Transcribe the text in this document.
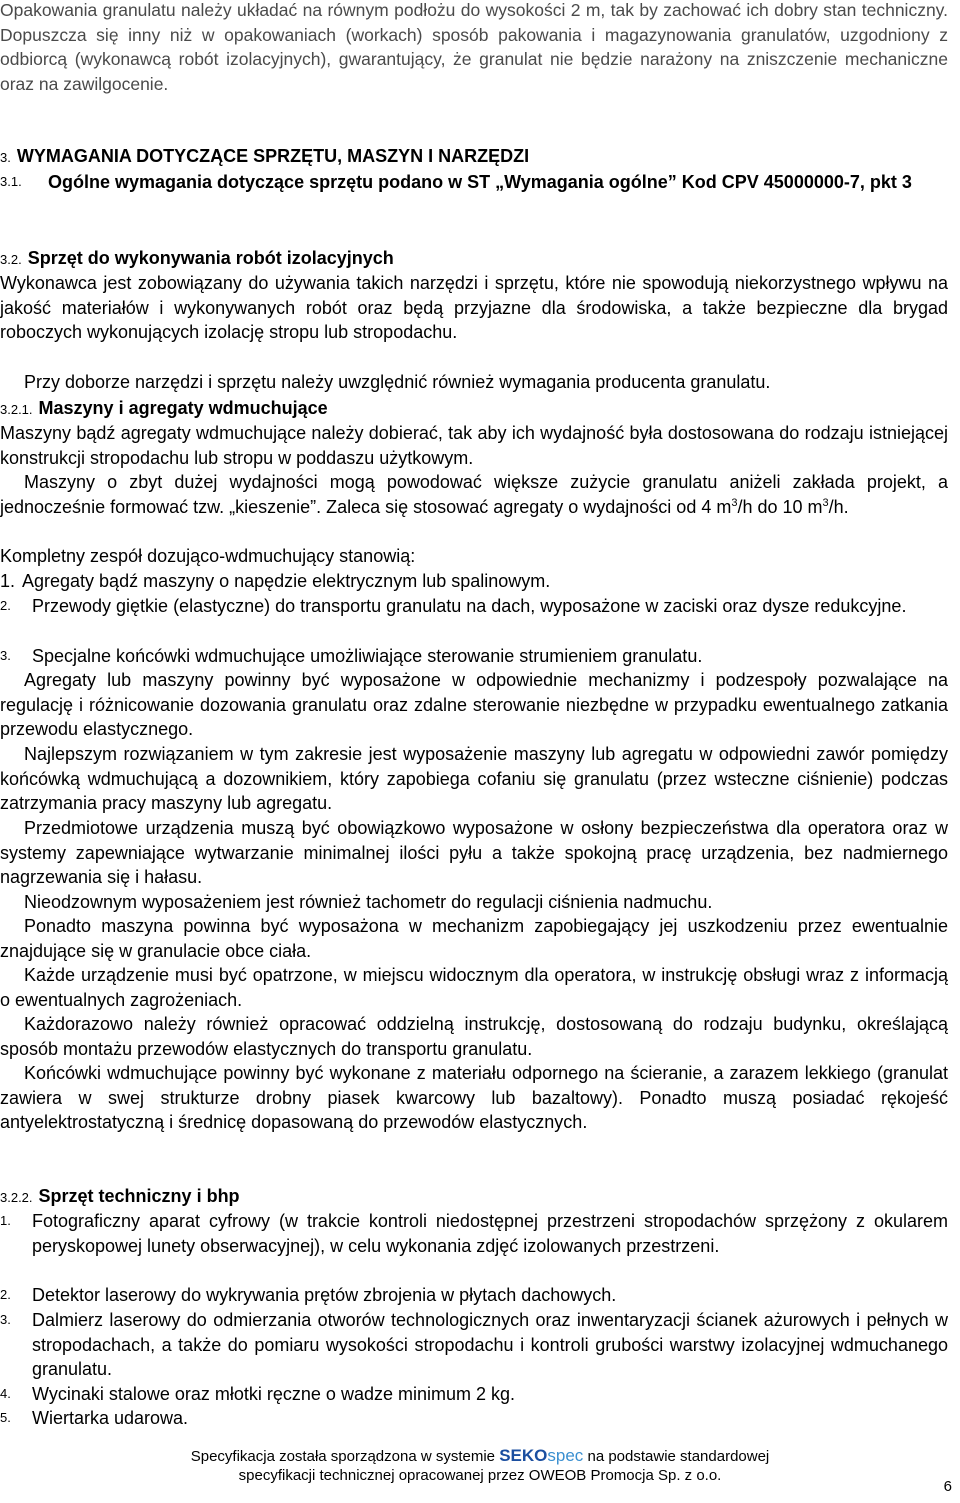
Opakowania granulatu należy układać na równym podłożu do wysokości 2 m, tak by zachować ich dobry stan techniczny. Dopuszcza się inny niż w opakowaniach (workach) sposób pakowania i magazynowania granulatów, uzgodniony z odbiorcą (wykonawcą robót izolacyjnych), gwarantujący, że granulat nie będzie narażony na zniszczenie mechaniczne oraz na zawilgocenie.

3. WYMAGANIA DOTYCZĄCE SPRZĘTU, MASZYN I NARZĘDZI
3.1. Ogólne wymagania dotyczące sprzętu podano w ST „Wymagania ogólne” Kod CPV 45000000-7, pkt 3
3.2. Sprzęt do wykonywania robót izolacyjnych

Wykonawca jest zobowiązany do używania takich narzędzi i sprzętu, które nie spowodują niekorzystnego wpływu na jakość materiałów i wykonywanych robót oraz będą przyjazne dla środowiska, a także bezpieczne dla brygad roboczych wykonujących izolację stropu lub stropodachu.

Przy doborze narzędzi i sprzętu należy uwzględnić również wymagania producenta granulatu.

3.2.1. Maszyny i agregaty wdmuchujące

Maszyny bądź agregaty wdmuchujące należy dobierać, tak aby ich wydajność była dostosowana do rodzaju istniejącej konstrukcji stropodachu lub stropu w poddaszu użytkowym.

Maszyny o zbyt dużej wydajności mogą powodować większe zużycie granulatu aniżeli zakłada projekt, a jednocześnie formować tzw. „kieszenie”. Zaleca się stosować agregaty o wydajności od 4 $m^3/h$ do 10 $m^3/h$.

Kompletny zespół dozująco-wdmuchujący stanowią:

1. Agregaty bądź maszyny o napędzie elektrycznym lub spalinowym.
2. Przewody giętkie (elastyczne) do transportu granulatu na dach, wyposażone w zaciski oraz dysze redukcyjne.
3. Specjalne końcówki wdmuchujące umożliwiające sterowanie strumieniem granulatu.

Agregaty lub maszyny powinny być wyposażone w odpowiednie mechanizmy i podzespoły pozwalające na regulację i różnicowanie dozowania granulatu oraz zdalne sterowanie niezbędne w przypadku ewentualnego zatkania przewodu elastycznego.

Najlepszym rozwiązaniem w tym zakresie jest wyposażenie maszyny lub agregatu w odpowiedni zawór pomiędzy końcówką wdmuchującą a dozownikiem, który zapobiega cofaniu się granulatu (przez wsteczne ciśnienie) podczas zatrzymania pracy maszyny lub agregatu.

Przedmiotowe urządzenia muszą być obowiązkowo wyposażone w osłony bezpieczeństwa dla operatora oraz w systemy zapewniające wytwarzanie minimalnej ilości pyłu a także spokojną pracę urządzenia, bez nadmiernego nagrzewania się i hałasu.

Nieodzownym wyposażeniem jest również tachometr do regulacji ciśnienia nadmuchu.

Ponadto maszyna powinna być wyposażona w mechanizm zapobiegający jej uszkodzeniu przez ewentualnie znajdujące się w granulacie obce ciała.

Każde urządzenie musi być opatrzone, w miejscu widocznym dla operatora, w instrukcję obsługi wraz z informacją o ewentualnych zagrożeniach.

Każdorazowo należy również opracować oddzielną instrukcję, dostosowaną do rodzaju budynku, określającą sposób montażu przewodów elastycznych do transportu granulatu.

Końcówki wdmuchujące powinny być wykonane z materiału odpornego na ścieranie, a zarazem lekkiego (granulat zawiera w swej strukturze drobny piasek kwarcowy lub bazaltowy). Ponadto muszą posiadać rękojeść antyelektrostatyczną i średnicę dopasowaną do przewodów elastycznych.

3.2.2. Sprzęt techniczny i bhp
1. Fotograficzny aparat cyfrowy (w trakcie kontroli niedostępnej przestrzeni stropodachów sprzężony z okularem peryskopowej lunety obserwacyjnej), w celu wykonania zdjęć izolowanych przestrzeni.
2. Detektor laserowy do wykrywania prętów zbrojenia w płytach dachowych.
3. Dalmierz laserowy do odmierzania otworów technologicznych oraz inwentaryzacji ścianek ażurowych i pełnych w stropodachach, a także do pomiaru wysokości stropodachu i kontroli grubości warstwy izolacyjnej wdmuchanego granulatu.
4. Wycinaki stalowe oraz młotki ręczne o wadze minimum 2 kg.
5. Wiertarka udarowa.
Specyfikacja została sporządzona w systemie SEKOspec na podstawie standardowej
specyfikacji technicznej opracowanej przez OWEOB Promocja Sp. z o.o.
6
